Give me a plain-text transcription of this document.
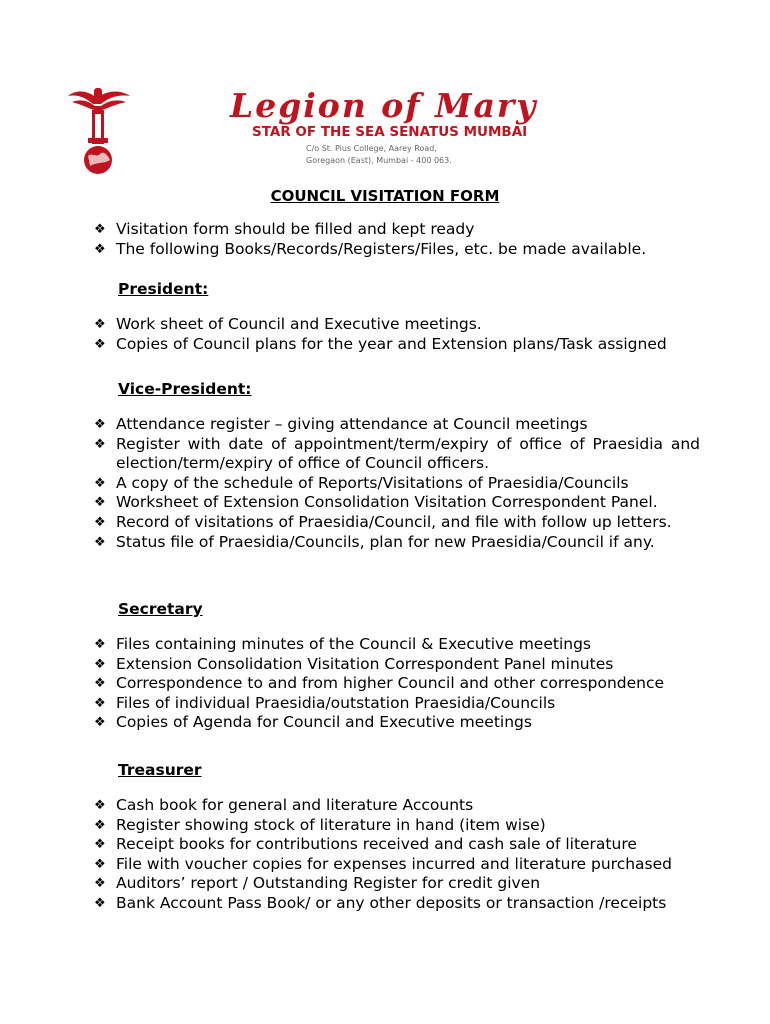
Legion of Mary
STAR OF THE SEA SENATUS MUMBAI
C/o St. Pius College, Aarey Road,
Goregaon (East), Mumbai - 400 063.
COUNCIL VISITATION FORM
❖ Visitation form should be filled and kept ready
❖ The following Books/Records/Registers/Files, etc. be made available.
President:
❖ Work sheet of Council and Executive meetings.
❖ Copies of Council plans for the year and Extension plans/Task assigned
Vice-President:
❖ Attendance register – giving attendance at Council meetings
❖ Register with date of appointment/term/expiry of office of Praesidia and election/term/expiry of office of Council officers.
❖ A copy of the schedule of Reports/Visitations of Praesidia/Councils
❖ Worksheet of Extension Consolidation Visitation Correspondent Panel.
❖ Record of visitations of Praesidia/Council, and file with follow up letters.
❖ Status file of Praesidia/Councils, plan for new Praesidia/Council if any.
Secretary
❖ Files containing minutes of the Council & Executive meetings
❖ Extension Consolidation Visitation Correspondent Panel minutes
❖ Correspondence to and from higher Council and other correspondence
❖ Files of individual Praesidia/outstation Praesidia/Councils
❖ Copies of Agenda for Council and Executive meetings
Treasurer
❖ Cash book for general and literature Accounts
❖ Register showing stock of literature in hand (item wise)
❖ Receipt books for contributions received and cash sale of literature
❖ File with voucher copies for expenses incurred and literature purchased
❖ Auditors’ report / Outstanding Register for credit given
❖ Bank Account Pass Book/ or any other deposits or transaction /receipts
